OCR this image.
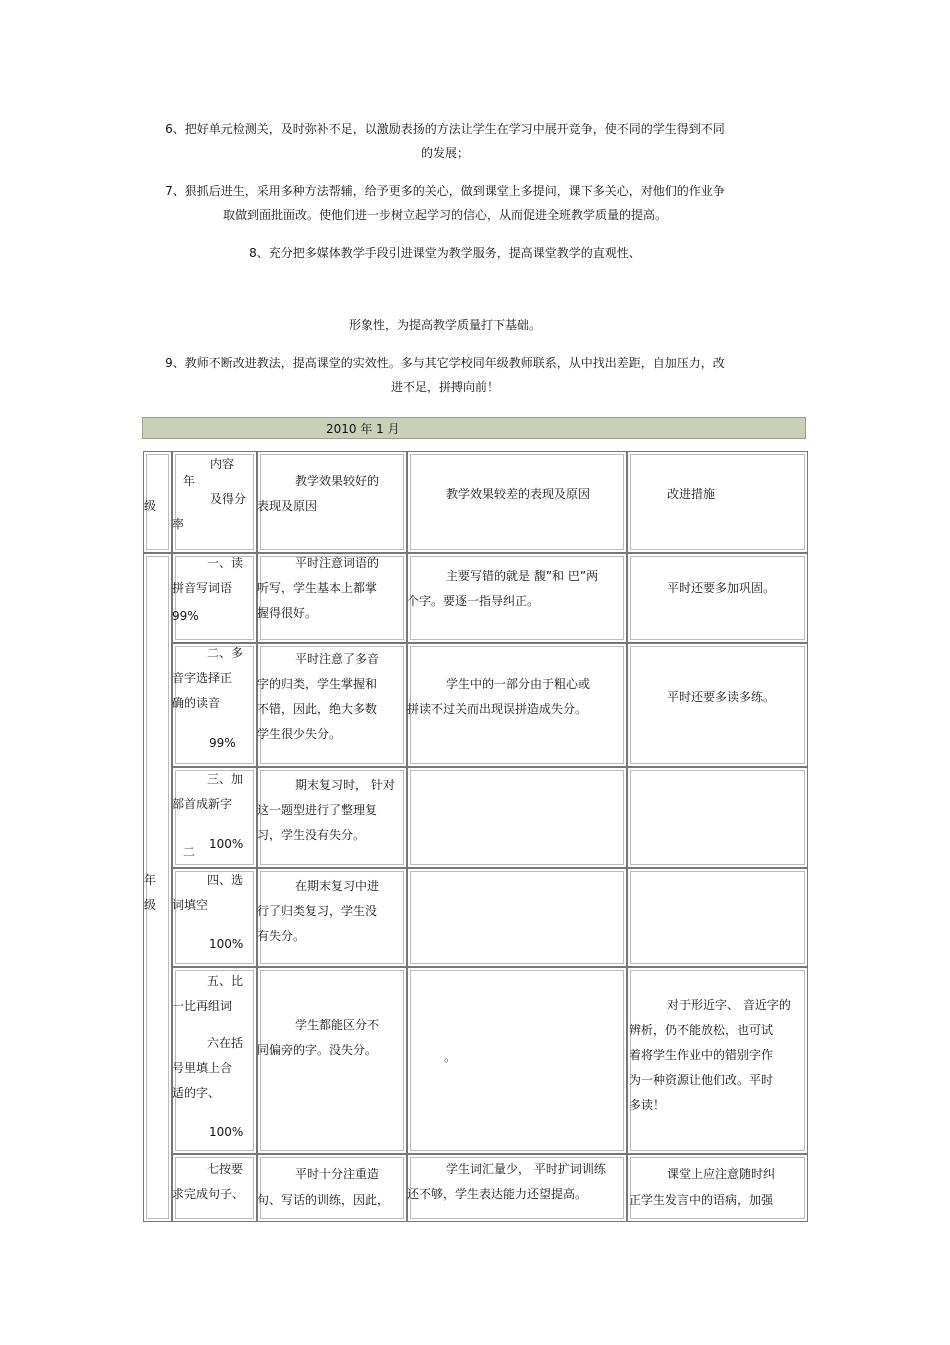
6、把好单元检测关，及时弥补不足，以激励表扬的方法让学生在学习中展开竞争，使不同的学生得到不同
的发展；
7、狠抓后进生，采用多种方法帮辅，给予更多的关心，做到课堂上多提问，课下多关心，对他们的作业争
取做到面批面改。使他们进一步树立起学习的信心，从而促进全班教学质量的提高。
8、充分把多媒体教学手段引进课堂为教学服务，提高课堂教学的直观性、
形象性，为提高教学质量打下基础。
9、教师不断改进教法，提高课堂的实效性。多与其它学校同年级教师联系，从中找出差距，自加压力，改
进不足，拼搏向前！
2010 年 1 月
级
内容
年
及得分
率
教学效果较好的
表现及原因
教学效果较差的表现及原因	改进措施
二
年
级
一、读
拼音写词语
99%
平时注意词语的
听写，学生基本上都掌
握得很好。
主要写错的就是 馥”和 巴”两
个字。要逐一指导纠正。
平时还要多加巩固。
二、多
音字选择正
确的读音
99%
平时注意了多音
字的归类，学生掌握和
不错，因此，绝大多数
学生很少失分。
学生中的一部分由于粗心或
拼读不过关而出现误拼造成失分。
平时还要多读多练。
三、加
部首成新字
100%
期末复习时， 针对
这一题型进行了整理复
习，学生没有失分。
四、选
词填空
100%
在期末复习中进
行了归类复习，学生没
有失分。
五、比
一比再组词
六在括
号里填上合
适的字、
100%
学生都能区分不
同偏旁的字。没失分。	。
对于形近字、 音近字的
辨析，仍不能放松，也可试
着将学生作业中的错别字作
为一种资源让他们改。平时
多读！
七按要
求完成句子、
平时十分注重造
句、写话的训练，因此，
学生词汇量少， 平时扩词训练
还不够，学生表达能力还望提高。
课堂上应注意随时纠
正学生发言中的语病，加强
